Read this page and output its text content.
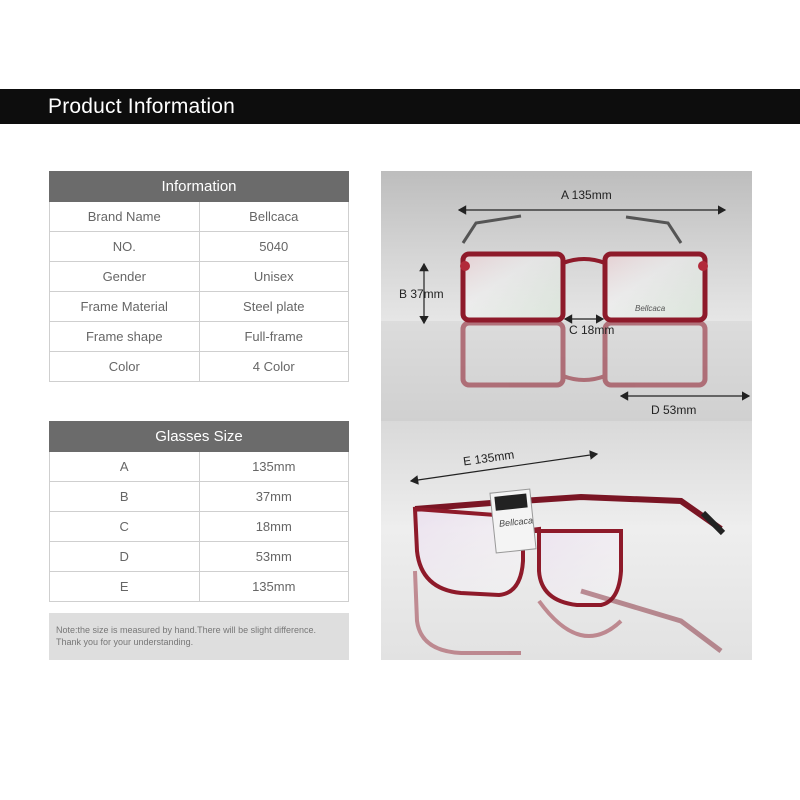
Product Information
Information	
Brand Name	Bellcaca
NO.	5040
Gender	Unisex
Frame Material	Steel plate
Frame shape	Full-frame
Color	4 Color
Glasses Size	
A	135mm
B	37mm
C	18mm
D	53mm
E	135mm
Note:the size is measured by hand.There will be slight difference.
Thank you for your understanding.
A 135mm
B 37mm
C 18mm
D 53mm
Bellcaca
E 135mm
Bellcaca
